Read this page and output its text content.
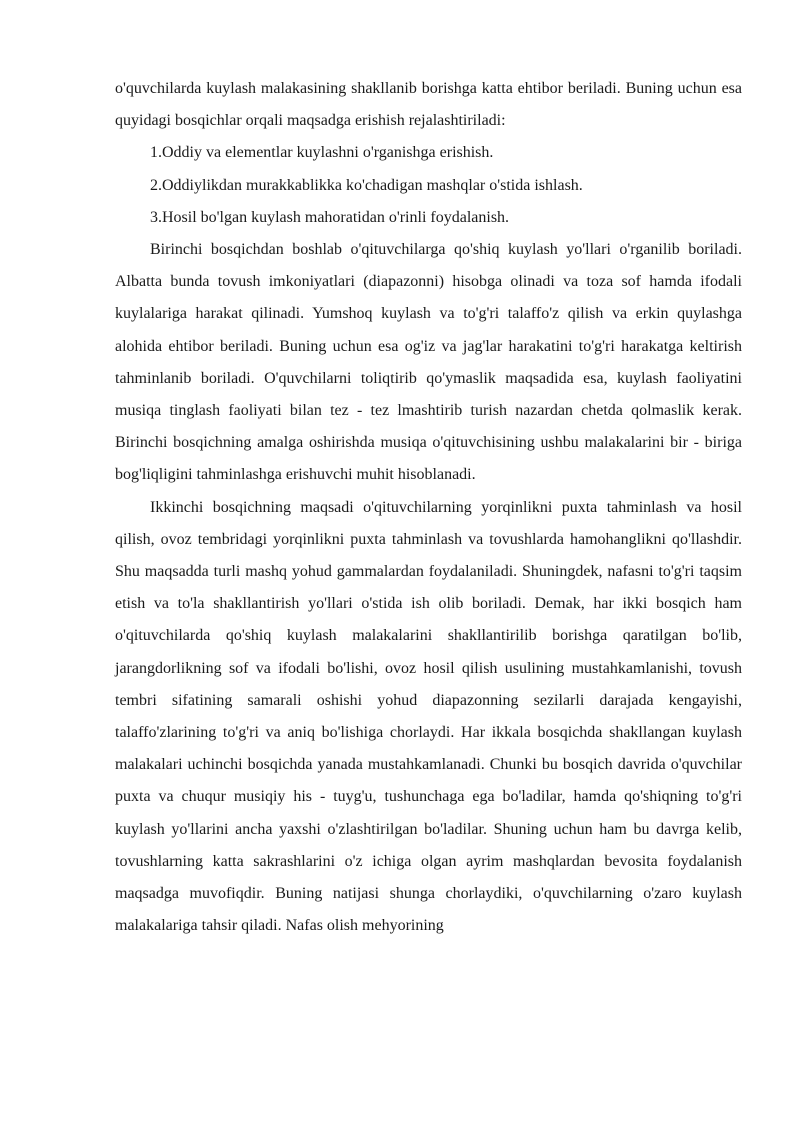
o'quvchilarda kuylash malakasining shakllanib borishga katta ehtibor beriladi. Buning uchun esa quyidagi bosqichlar orqali maqsadga erishish rejalashtiriladi:

1.Oddiy va elementlar kuylashni o'rganishga erishish.

2.Oddiylikdan murakkablikka ko'chadigan mashqlar o'stida ishlash.

3.Hosil bo'lgan kuylash mahoratidan o'rinli foydalanish.

Birinchi bosqichdan boshlab o'qituvchilarga qo'shiq kuylash yo'llari o'rganilib boriladi. Albatta bunda tovush imkoniyatlari (diapazonni) hisobga olinadi va toza sof hamda ifodali kuylalariga harakat qilinadi. Yumshoq kuylash va to'g'ri talaffo'z qilish va erkin quylashga alohida ehtibor beriladi. Buning uchun esa og'iz va jag'lar harakatini to'g'ri harakatga keltirish tahminlanib boriladi. O'quvchilarni toliqtirib qo'ymaslik maqsadida esa, kuylash faoliyatini musiqa tinglash faoliyati bilan tez - tez lmashtirib turish nazardan chetda qolmaslik kerak. Birinchi bosqichning amalga oshirishda musiqa o'qituvchisining ushbu malakalarini bir - biriga bog'liqligini tahminlashga erishuvchi muhit hisoblanadi.

Ikkinchi bosqichning maqsadi o'qituvchilarning yorqinlikni puxta tahminlash va hosil qilish, ovoz tembridagi yorqinlikni puxta tahminlash va tovushlarda hamohanglikni qo'llashdir. Shu maqsadda turli mashq yohud gammalardan foydalaniladi. Shuningdek, nafasni to'g'ri taqsim etish va to'la shakllantirish yo'llari o'stida ish olib boriladi. Demak, har ikki bosqich ham o'qituvchilarda qo'shiq kuylash malakalarini shakllantirilib borishga qaratilgan bo'lib, jarangdorlikning sof va ifodali bo'lishi, ovoz hosil qilish usulining mustahkamlanishi, tovush tembri sifatining samarali oshishi yohud diapazonning sezilarli darajada kengayishi, talaffo'zlarining to'g'ri va aniq bo'lishiga chorlaydi. Har ikkala bosqichda shakllangan kuylash malakalari uchinchi bosqichda yanada mustahkamlanadi. Chunki bu bosqich davrida o'quvchilar puxta va chuqur musiqiy his - tuyg'u, tushunchaga ega bo'ladilar, hamda qo'shiqning to'g'ri kuylash yo'llarini ancha yaxshi o'zlashtirilgan bo'ladilar. Shuning uchun ham bu davrga kelib, tovushlarning katta sakrashlarini o'z ichiga olgan ayrim mashqlardan bevosita foydalanish maqsadga muvofiqdir. Buning natijasi shunga chorlaydiki, o'quvchilarning o'zaro kuylash malakalariga tahsir qiladi. Nafas olish mehyorining
